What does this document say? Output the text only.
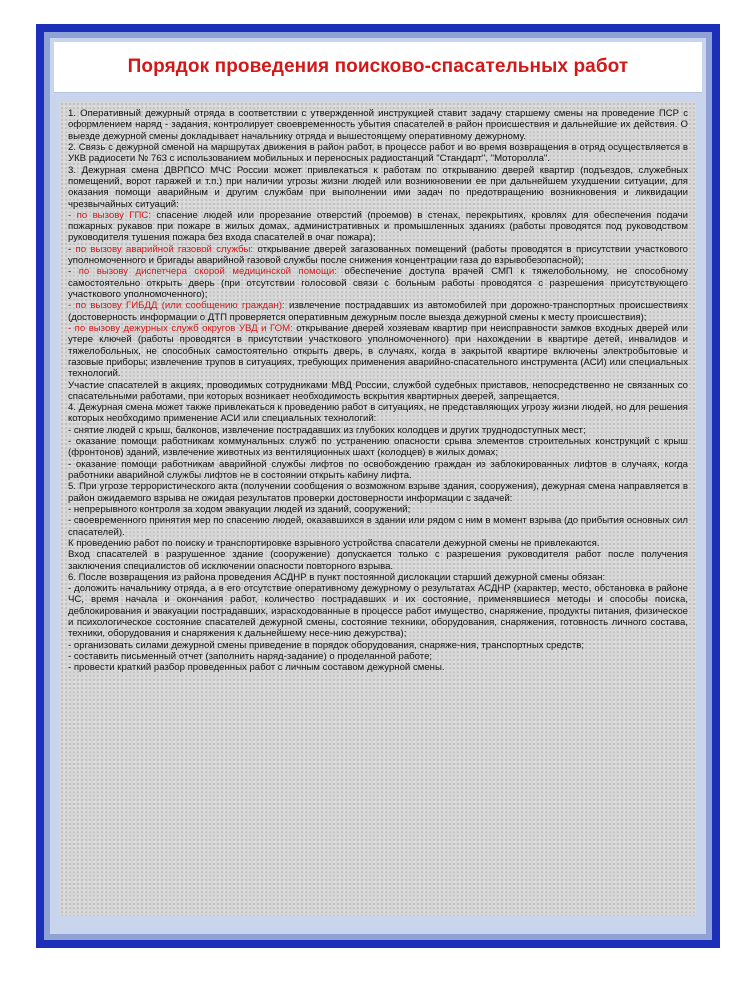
Порядок проведения поисково-спасательных работ

1. Оперативный дежурный отряда в соответствии с утвержденной инструкцией ставит задачу старшему смены на проведение ПСР с оформлением наряд - задания, контролирует своевременность убытия спасателей в район происшествия и дальнейшие их действия. О выезде дежурной смены докладывает начальнику отряда и вышестоящему оперативному дежурному.

2. Связь с дежурной сменой на маршрутах движения в район работ, в процессе работ и во время возвращения в отряд осуществляется в УКВ радиосети № 763 с использованием мобильных и переносных радиостанций "Стандарт", "Моторолла".

3. Дежурная смена ДВРПСО МЧС России может привлекаться к работам по открыванию дверей квартир (подъездов, служебных помещений, ворот гаражей и т.п.) при наличии угрозы жизни людей или возникновении ее при дальнейшем ухудшении ситуации, для оказания помощи аварийным и другим службам при выполнении ими задач по предотвращению возникновения и ликвидации чрезвычайных ситуаций:

- по вызову ГПС: спасение людей или прорезание отверстий (проемов) в стенах, перекрытиях, кровлях для обеспечения подачи пожарных рукавов при пожаре в жилых домах, административных и промышленных зданиях (работы проводятся под руководством руководителя тушения пожара без входа спасателей в очаг пожара);

- по вызову аварийной газовой службы: открывание дверей загазованных помещений (работы проводятся в присутствии участкового уполномоченного и бригады аварийной газовой службы после снижения концентрации газа до взрывобезопасной);

- по вызову диспетчера скорой медицинской помощи: обеспечение доступа врачей СМП к тяжелобольному, не способному самостоятельно открыть дверь (при отсутствии голосовой связи с больным работы проводятся с разрешения присутствующего участкового уполномоченного);

- по вызову ГИБДД (или сообщению граждан): извлечение пострадавших из автомобилей при дорожно-транспортных происшествиях (достоверность информации о ДТП проверяется оперативным дежурным после выезда дежурной смены к месту происшествия);

- по вызову дежурных служб округов УВД и ГОМ: открывание дверей хозяевам квартир при неисправности замков входных дверей или утере ключей (работы проводятся в присутствии участкового уполномоченного) при нахождении в квартире детей, инвалидов и тяжелобольных, не способных самостоятельно открыть дверь, в случаях, когда в закрытой квартире включены электробытовые и газовые приборы; извлечение трупов в ситуациях, требующих применения аварийно-спасательного инструмента (АСИ) или специальных технологий.

Участие спасателей в акциях, проводимых сотрудниками МВД России, службой судебных приставов, непосредственно не связанных со спасательными работами, при которых возникает необходимость вскрытия квартирных дверей, запрещается.

4. Дежурная смена может также привлекаться к проведению работ в ситуациях, не представляющих угрозу жизни людей, но для решения которых необходимо применение АСИ или специальных технологий:

- снятие людей с крыш, балконов, извлечение пострадавших из глубоких колодцев и других труднодоступных мест;

- оказание помощи работникам коммунальных служб по устранению опасности срыва элементов строительных конструкций с крыш (фронтонов) зданий, извлечение животных из вентиляционных шахт (колодцев) в жилых домах;

- оказание помощи работникам аварийной службы лифтов по освобождению граждан из заблокированных лифтов в случаях, когда работники аварийной службы лифтов не в состоянии открыть кабину лифта.

5. При угрозе террористического акта (получении сообщения о возможном взрыве здания, сооружения), дежурная смена направляется в район ожидаемого взрыва не ожидая результатов проверки достоверности информации с задачей:

- непрерывного контроля за ходом эвакуации людей из зданий, сооружений;

- своевременного принятия мер по спасению людей, оказавшихся в здании или рядом с ним в момент взрыва (до прибытия основных сил спасателей).

К проведению работ по поиску и транспортировке взрывного устройства спасатели дежурной смены не привлекаются.

Вход спасателей в разрушенное здание (сооружение) допускается только с разрешения руководителя работ после получения заключения специалистов об исключении опасности повторного взрыва.

6. После возвращения из района проведения АСДНР в пункт постоянной дислокации старший дежурной смены обязан:

- доложить начальнику отряда, а в его отсутствие оперативному дежурному о результатах АСДНР (характер, место, обстановка в районе ЧС, время начала и окончания работ, количество пострадавших и их состояние, применявшиеся методы и способы поиска, деблокирования и эвакуации пострадавших, израсходованные в процессе работ имущество, снаряжение, продукты питания, физическое и психологическое состояние спасателей дежурной смены, состояние техники, оборудования, снаряжения, готовность личного состава, техники, оборудования и снаряжения к дальнейшему несе-нию дежурства);

- организовать силами дежурной смены приведение в порядок оборудования, снаряже-ния, транспортных средств;

- составить письменный отчет (заполнить наряд-задание) о проделанной работе;

- провести краткий разбор проведенных работ с личным составом дежурной смены.
